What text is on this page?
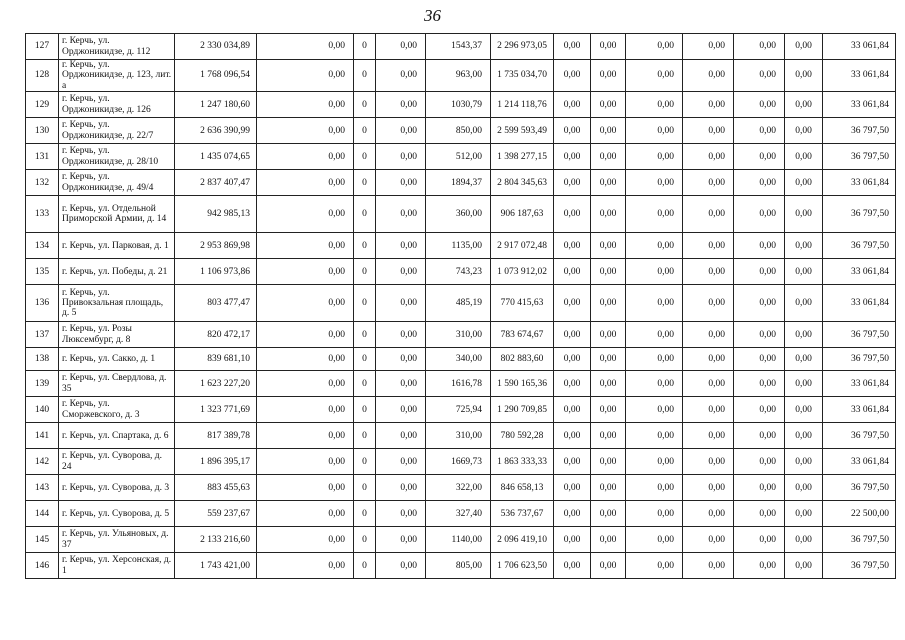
36
127	г. Керчь, ул. Орджоникидзе, д. 112	2 330 034,89	0,00	0	0,00	1543,37	2 296 973,05	0,00	0,00	0,00	0,00	0,00	0,00	33 061,84
128	г. Керчь, ул. Орджоникидзе, д. 123, лит. а	1 768 096,54	0,00	0	0,00	963,00	1 735 034,70	0,00	0,00	0,00	0,00	0,00	0,00	33 061,84
129	г. Керчь, ул. Орджоникидзе, д. 126	1 247 180,60	0,00	0	0,00	1030,79	1 214 118,76	0,00	0,00	0,00	0,00	0,00	0,00	33 061,84
130	г. Керчь, ул. Орджоникидзе, д. 22/7	2 636 390,99	0,00	0	0,00	850,00	2 599 593,49	0,00	0,00	0,00	0,00	0,00	0,00	36 797,50
131	г. Керчь, ул. Орджоникидзе, д. 28/10	1 435 074,65	0,00	0	0,00	512,00	1 398 277,15	0,00	0,00	0,00	0,00	0,00	0,00	36 797,50
132	г. Керчь, ул. Орджоникидзе, д. 49/4	2 837 407,47	0,00	0	0,00	1894,37	2 804 345,63	0,00	0,00	0,00	0,00	0,00	0,00	33 061,84
133	г. Керчь, ул. Отдельной Приморской Армии, д. 14	942 985,13	0,00	0	0,00	360,00	906 187,63	0,00	0,00	0,00	0,00	0,00	0,00	36 797,50
134	г. Керчь, ул. Парковая, д. 1	2 953 869,98	0,00	0	0,00	1135,00	2 917 072,48	0,00	0,00	0,00	0,00	0,00	0,00	36 797,50
135	г. Керчь, ул. Победы, д. 21	1 106 973,86	0,00	0	0,00	743,23	1 073 912,02	0,00	0,00	0,00	0,00	0,00	0,00	33 061,84
136	г. Керчь, ул. Привокзальная площадь, д. 5	803 477,47	0,00	0	0,00	485,19	770 415,63	0,00	0,00	0,00	0,00	0,00	0,00	33 061,84
137	г. Керчь, ул. Розы Люксембург, д. 8	820 472,17	0,00	0	0,00	310,00	783 674,67	0,00	0,00	0,00	0,00	0,00	0,00	36 797,50
138	г. Керчь, ул. Сакко, д. 1	839 681,10	0,00	0	0,00	340,00	802 883,60	0,00	0,00	0,00	0,00	0,00	0,00	36 797,50
139	г. Керчь, ул. Свердлова, д. 35	1 623 227,20	0,00	0	0,00	1616,78	1 590 165,36	0,00	0,00	0,00	0,00	0,00	0,00	33 061,84
140	г. Керчь, ул. Сморжевского, д. 3	1 323 771,69	0,00	0	0,00	725,94	1 290 709,85	0,00	0,00	0,00	0,00	0,00	0,00	33 061,84
141	г. Керчь, ул. Спартака, д. 6	817 389,78	0,00	0	0,00	310,00	780 592,28	0,00	0,00	0,00	0,00	0,00	0,00	36 797,50
142	г. Керчь, ул. Суворова, д. 24	1 896 395,17	0,00	0	0,00	1669,73	1 863 333,33	0,00	0,00	0,00	0,00	0,00	0,00	33 061,84
143	г. Керчь, ул. Суворова, д. 3	883 455,63	0,00	0	0,00	322,00	846 658,13	0,00	0,00	0,00	0,00	0,00	0,00	36 797,50
144	г. Керчь, ул. Суворова, д. 5	559 237,67	0,00	0	0,00	327,40	536 737,67	0,00	0,00	0,00	0,00	0,00	0,00	22 500,00
145	г. Керчь, ул. Ульяновых, д. 37	2 133 216,60	0,00	0	0,00	1140,00	2 096 419,10	0,00	0,00	0,00	0,00	0,00	0,00	36 797,50
146	г. Керчь, ул. Херсонская, д. 1	1 743 421,00	0,00	0	0,00	805,00	1 706 623,50	0,00	0,00	0,00	0,00	0,00	0,00	36 797,50
